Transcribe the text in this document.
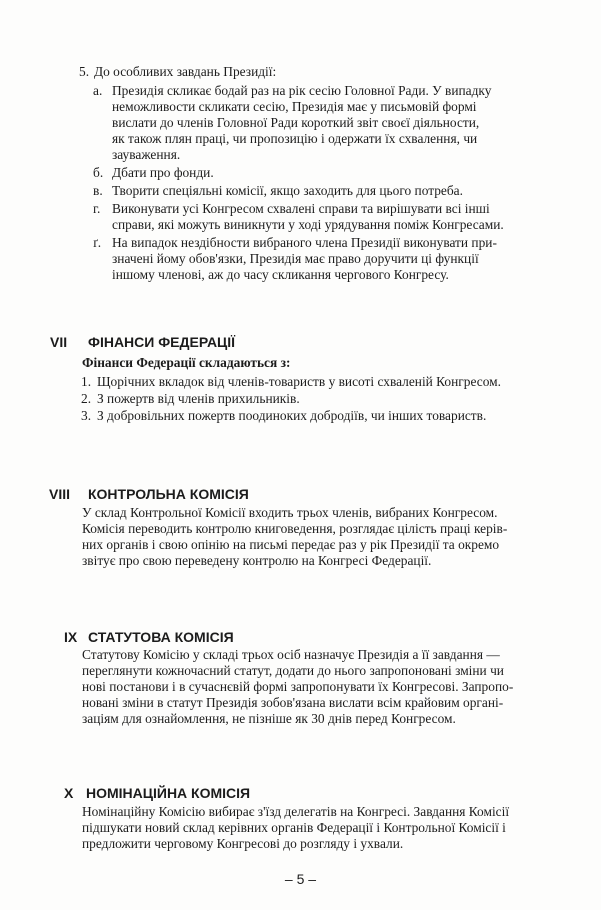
5. До особливих завдань Президії:
а. Президія скликає бодай раз на рік сесію Головної Ради. У випадку
неможливости скликати сесію, Президія має у письмовій формі
вислати до членів Головної Ради короткий звіт своєї діяльности,
як також плян праці, чи пропозицію і одержати їх схвалення, чи
зауваження.
б. Дбати про фонди.
в. Творити спеціяльні комісії, якщо заходить для цього потреба.
г. Виконувати усі Конгресом схвалені справи та вирішувати всі інші
справи, які можуть виникнути у ході урядування поміж Конгресами.
ґ. На випадок нездібности вибраного члена Президії виконувати при-
значені йому обов'язки, Президія має право доручити ці функції
іншому членові, аж до часу скликання чергового Конгресу.
VII ФІНАНСИ ФЕДЕРАЦІЇ
Фінанси Федерації складаються з:
1. Щорічних вкладок від членів-товариств у висоті схваленій Конгресом.
2. З пожертв від членів прихильників.
3. З добровільних пожертв поодиноких добродіїв, чи інших товариств.
VIII КОНТРОЛЬНА КОМІСІЯ
У склад Контрольної Комісії входить трьох членів, вибраних Конгресом.
Комісія переводить контролю книговедення, розглядає цілість праці керів-
них органів і свою опінію на письмі передає раз у рік Президії та окремо
звітує про свою переведену контролю на Конгресі Федерації.
IX СТАТУТОВА КОМІСІЯ
Статутову Комісію у складі трьох осіб назначує Президія а її завдання —
переглянути кожночасний статут, додати до нього запропоновані зміни чи
нові постанови і в сучаснєвій формі запропонувати їх Конгресові. Запропо-
новані зміни в статут Президія зобов'язана вислати всім крайовим органі-
заціям для ознайомлення, не пізніше як 30 днів перед Конгресом.
X НОМІНАЦІЙНА КОМІСІЯ
Номінаційну Комісію вибирає з'їзд делегатів на Конгресі. Завдання Комісії
підшукати новий склад керівних органів Федерації і Контрольної Комісії і
предложити черговому Конгресові до розгляду і ухвали.
– 5 –
